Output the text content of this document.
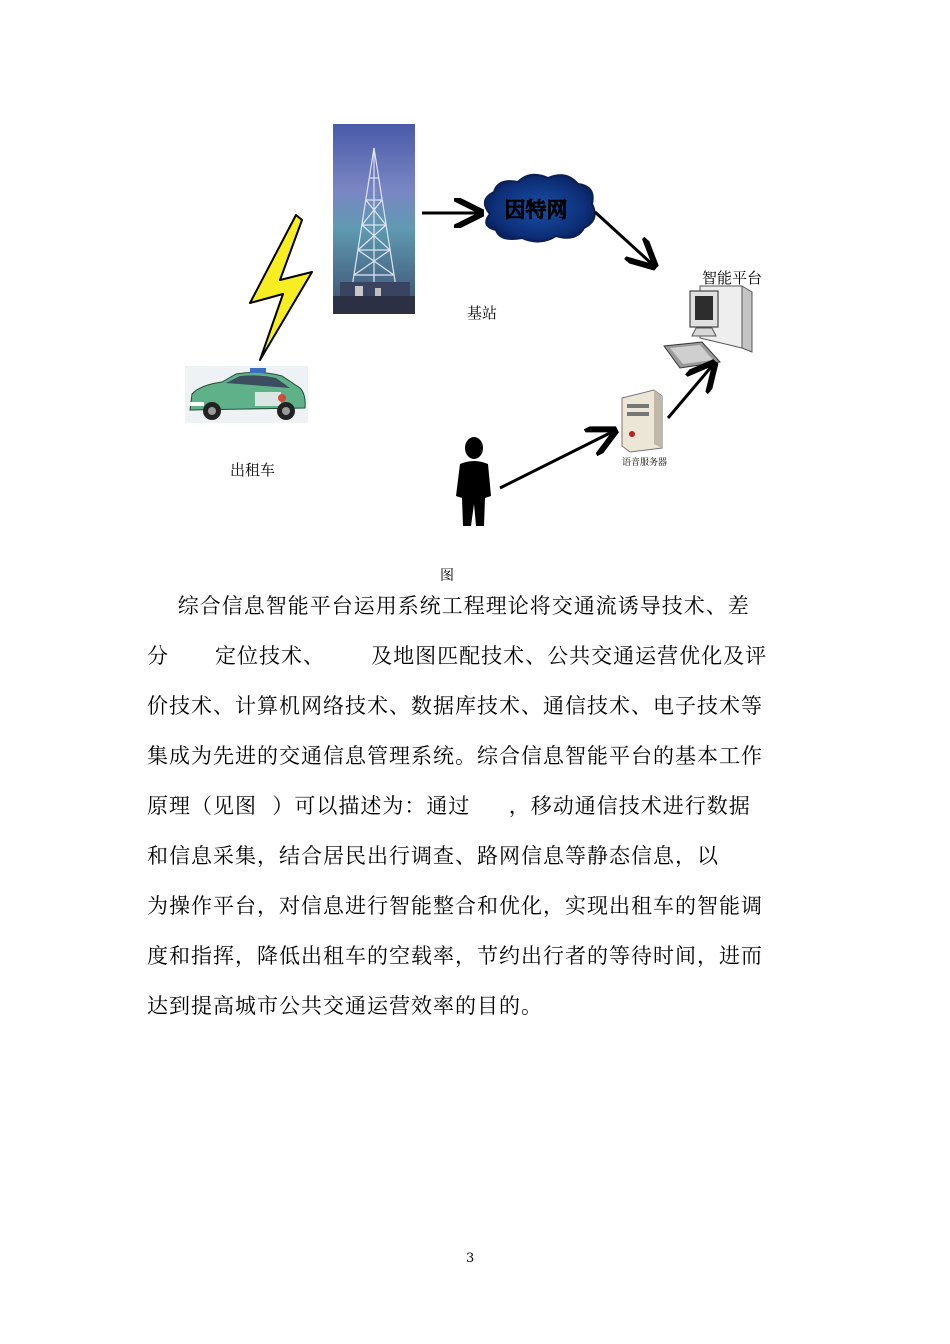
因特网
基站
智能平台
语音服务器
出租车
图
综合信息智能平台运用系统工程理论将交通流诱导技术、差
分      定位技术、      及地图匹配技术、公共交通运营优化及评
价技术、计算机网络技术、数据库技术、通信技术、电子技术等
集成为先进的交通信息管理系统。综合信息智能平台的基本工作
原理（见图  ）可以描述为：通过     ，移动通信技术进行数据
和信息采集，结合居民出行调查、路网信息等静态信息，以
为操作平台，对信息进行智能整合和优化，实现出租车的智能调
度和指挥，降低出租车的空载率，节约出行者的等待时间，进而
达到提高城市公共交通运营效率的目的。
3
